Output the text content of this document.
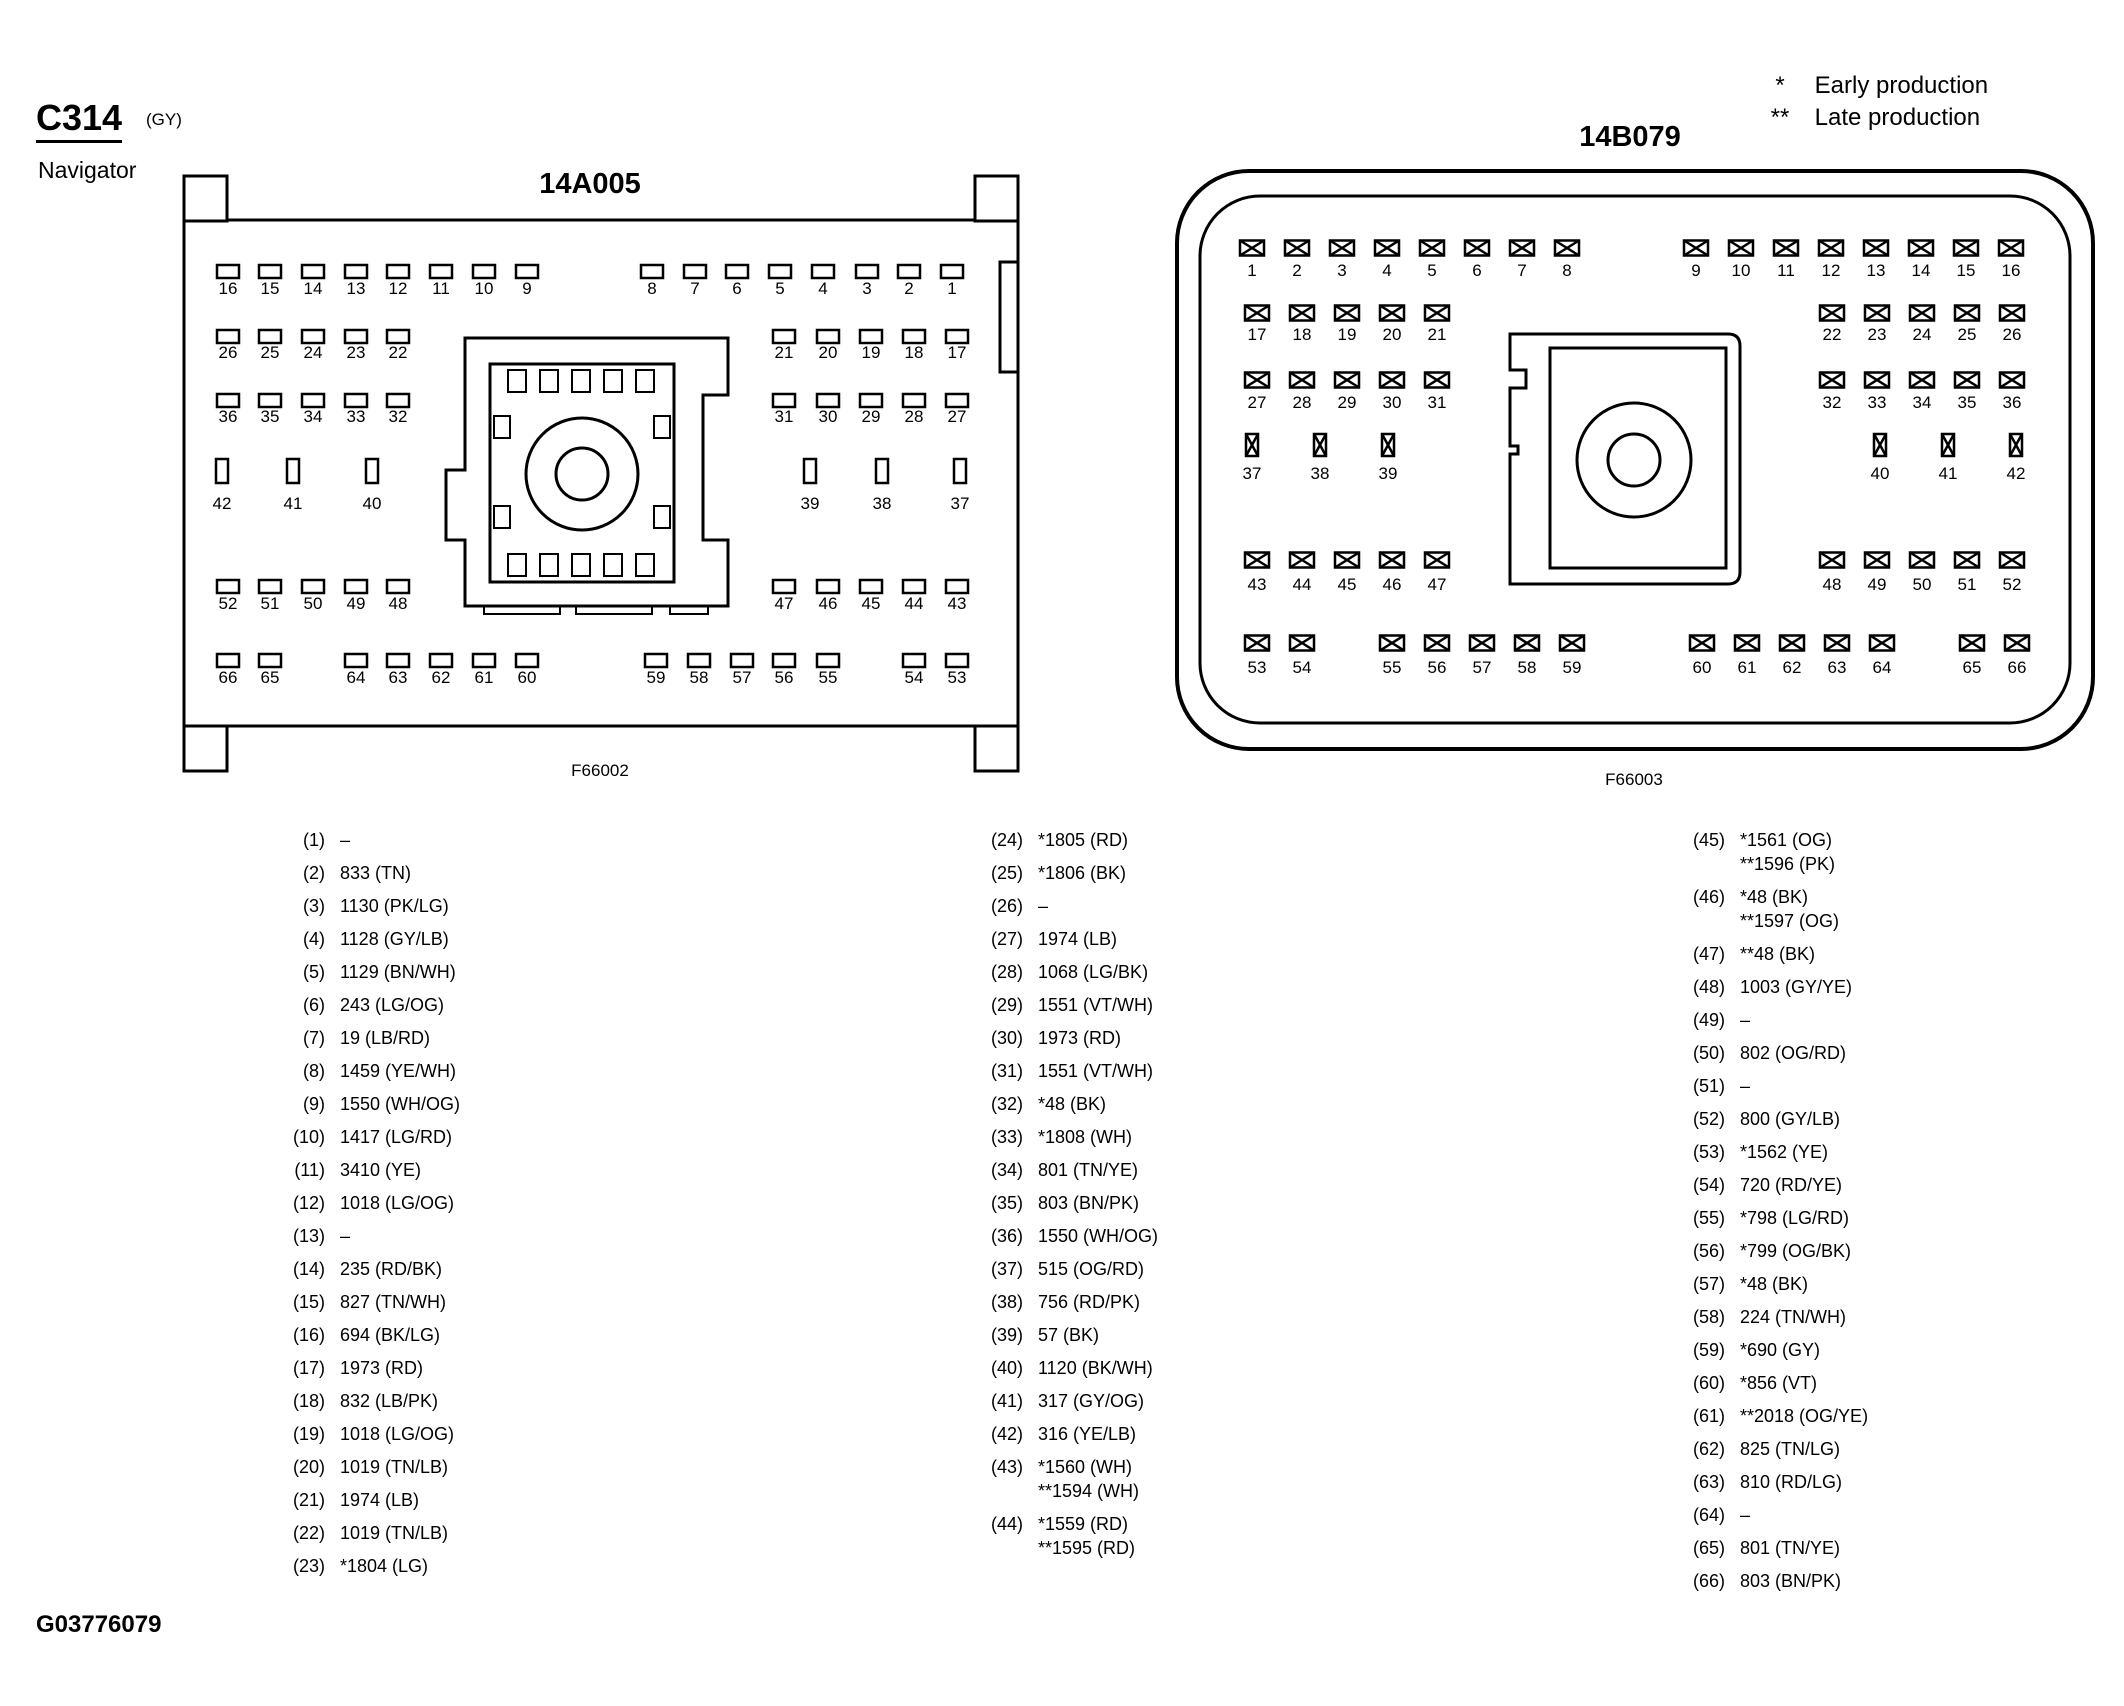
C314 (GY)
Navigator
* Early production
** Late production
16 15 14 13 12 11 10 9	8 7 6 5 4 3 2 1
26 25 24 23 22	21 20 19 18 17
36 35 34 33 32	31 30 29 28 27
42	41	40	39	38	37
52 51 50 49 48	47 46 45 44 43
66 65	64 63 62 61 60	59 58 57 56 55	54 53
14A005
F66002
1 2 3 4 5 6 7 8	9 10 11 12 13 14 15 16
17 18 19 20 21	22 23 24 25 26
27 28 29 30 31	32 33 34 35 36
43 44 45 46 47	48 49 50 51 52
53 54	55 56 57 58 59	60 61 62 63 64	65 66
37	38	39	40	41	42
14B079
F66003
(1) –
(2) 833 (TN)
(3) 1130 (PK/LG)
(4) 1128 (GY/LB)
(5) 1129 (BN/WH)
(6) 243 (LG/OG)
(7) 19 (LB/RD)
(8) 1459 (YE/WH)
(9) 1550 (WH/OG)
(10) 1417 (LG/RD)
(11) 3410 (YE)
(12) 1018 (LG/OG)
(13) –
(14) 235 (RD/BK)
(15) 827 (TN/WH)
(16) 694 (BK/LG)
(17) 1973 (RD)
(18) 832 (LB/PK)
(19) 1018 (LG/OG)
(20) 1019 (TN/LB)
(21) 1974 (LB)
(22) 1019 (TN/LB)
(23) *1804 (LG)
(24) *1805 (RD)
(25) *1806 (BK)
(26) –
(27) 1974 (LB)
(28) 1068 (LG/BK)
(29) 1551 (VT/WH)
(30) 1973 (RD)
(31) 1551 (VT/WH)
(32) *48 (BK)
(33) *1808 (WH)
(34) 801 (TN/YE)
(35) 803 (BN/PK)
(36) 1550 (WH/OG)
(37) 515 (OG/RD)
(38) 756 (RD/PK)
(39) 57 (BK)
(40) 1120 (BK/WH)
(41) 317 (GY/OG)
(42) 316 (YE/LB)
(43) *1560 (WH)
**1594 (WH)
(44) *1559 (RD)
**1595 (RD)
(45) *1561 (OG)
**1596 (PK)
(46) *48 (BK)
**1597 (OG)
(47) **48 (BK)
(48) 1003 (GY/YE)
(49) –
(50) 802 (OG/RD)
(51) –
(52) 800 (GY/LB)
(53) *1562 (YE)
(54) 720 (RD/YE)
(55) *798 (LG/RD)
(56) *799 (OG/BK)
(57) *48 (BK)
(58) 224 (TN/WH)
(59) *690 (GY)
(60) *856 (VT)
(61) **2018 (OG/YE)
(62) 825 (TN/LG)
(63) 810 (RD/LG)
(64) –
(65) 801 (TN/YE)
(66) 803 (BN/PK)
G03776079
